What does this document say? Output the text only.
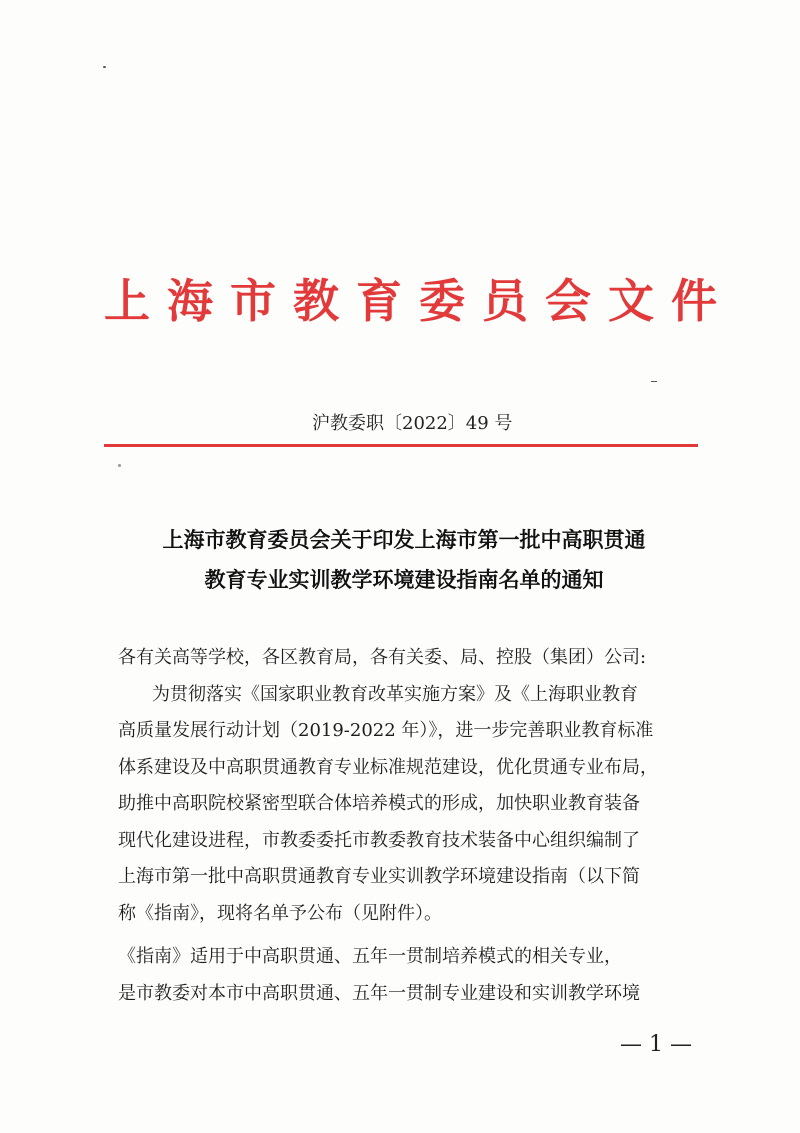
上海市教育委员会文件
沪教委职〔2022〕49 号
上海市教育委员会关于印发上海市第一批中高职贯通
教育专业实训教学环境建设指南名单的通知

各有关高等学校，各区教育局，各有关委、局、控股（集团）公司:

为贯彻落实《国家职业教育改革实施方案》及《上海职业教育

高质量发展行动计划（2019-2022 年）》，进一步完善职业教育标准

体系建设及中高职贯通教育专业标准规范建设，优化贯通专业布局，

助推中高职院校紧密型联合体培养模式的形成，加快职业教育装备

现代化建设进程，市教委委托市教委教育技术装备中心组织编制了

上海市第一批中高职贯通教育专业实训教学环境建设指南（以下简

称《指南》，现将名单予公布（见附件）。

《指南》适用于中高职贯通、五年一贯制培养模式的相关专业，

是市教委对本市中高职贯通、五年一贯制专业建设和实训教学环境

— 1 —
